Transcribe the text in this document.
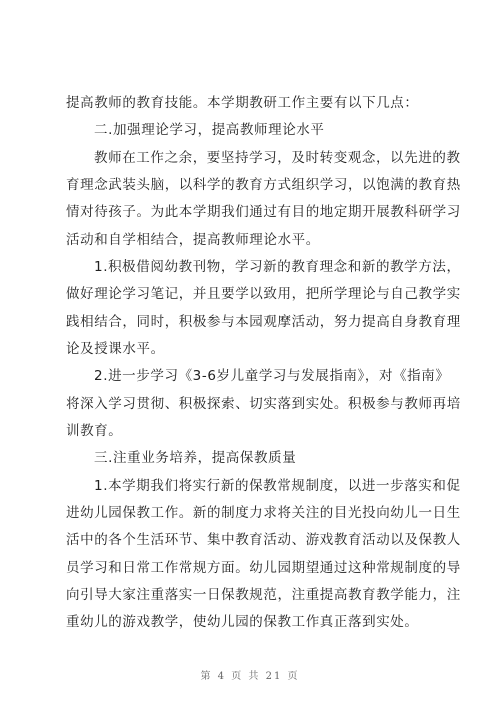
提高教师的教育技能。本学期教研工作主要有以下几点：
二.加强理论学习，提高教师理论水平
教师在工作之余，要坚持学习，及时转变观念，以先进的教
育理念武装头脑，以科学的教育方式组织学习，以饱满的教育热
情对待孩子。为此本学期我们通过有目的地定期开展教科研学习
活动和自学相结合，提高教师理论水平。
1.积极借阅幼教刊物，学习新的教育理念和新的教学方法，
做好理论学习笔记，并且要学以致用，把所学理论与自己教学实
践相结合，同时，积极参与本园观摩活动，努力提高自身教育理
论及授课水平。
2.进一步学习《3-6岁儿童学习与发展指南》，对《指南》
将深入学习贯彻、积极探索、切实落到实处。积极参与教师再培
训教育。
三.注重业务培养，提高保教质量
1.本学期我们将实行新的保教常规制度，以进一步落实和促
进幼儿园保教工作。新的制度力求将关注的目光投向幼儿一日生
活中的各个生活环节、集中教育活动、游戏教育活动以及保教人
员学习和日常工作常规方面。幼儿园期望通过这种常规制度的导
向引导大家注重落实一日保教规范，注重提高教育教学能力，注
重幼儿的游戏教学，使幼儿园的保教工作真正落到实处。
第 4 页 共 21 页
